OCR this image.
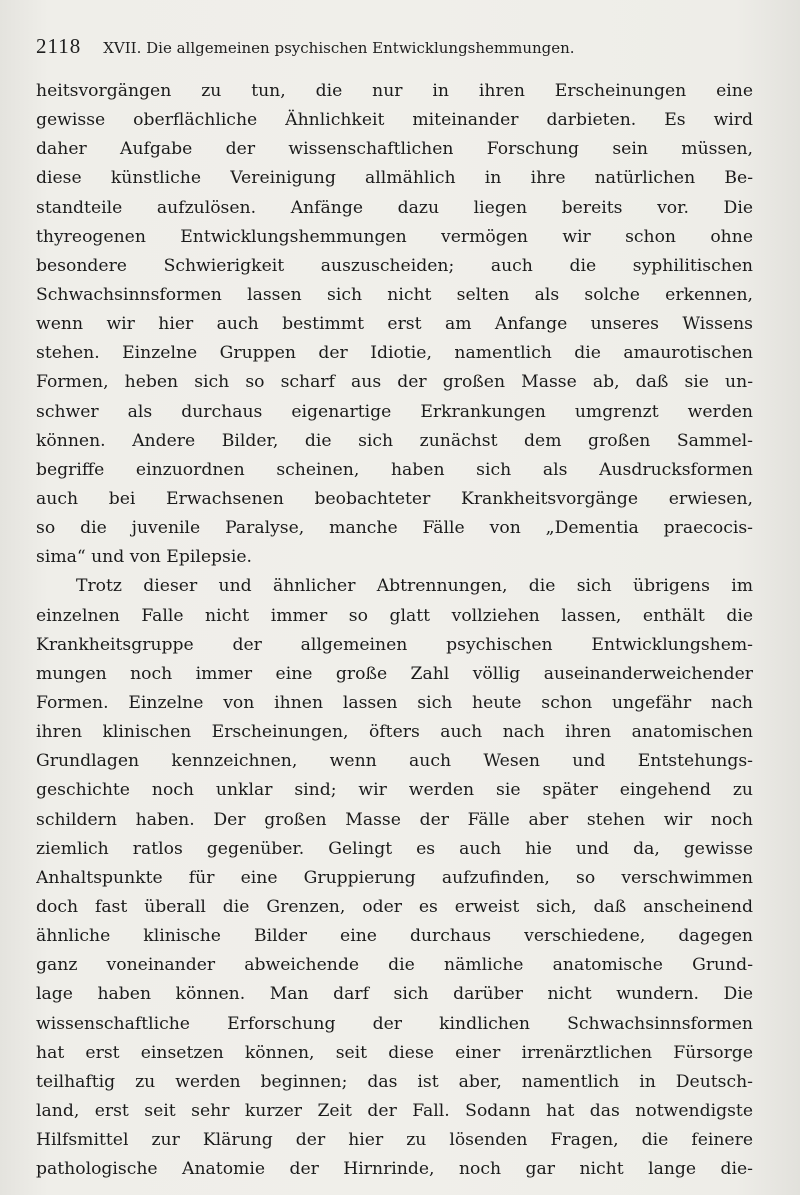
2118 XVII. Die allgemeinen psychischen Entwicklungshemmungen.
heitsvorgängen zu tun, die nur in ihren Erscheinungen eine
gewisse oberflächliche Ähnlichkeit miteinander darbieten. Es wird
daher Aufgabe der wissenschaftlichen Forschung sein müssen,
diese künstliche Vereinigung allmählich in ihre natürlichen Be-
standteile aufzulösen. Anfänge dazu liegen bereits vor. Die
thyreogenen Entwicklungshemmungen vermögen wir schon ohne
besondere Schwierigkeit auszuscheiden; auch die syphilitischen
Schwachsinnsformen lassen sich nicht selten als solche erkennen,
wenn wir hier auch bestimmt erst am Anfange unseres Wissens
stehen. Einzelne Gruppen der Idiotie, namentlich die amaurotischen
Formen, heben sich so scharf aus der großen Masse ab, daß sie un-
schwer als durchaus eigenartige Erkrankungen umgrenzt werden
können. Andere Bilder, die sich zunächst dem großen Sammel-
begriffe einzuordnen scheinen, haben sich als Ausdrucksformen
auch bei Erwachsenen beobachteter Krankheitsvorgänge erwiesen,
so die juvenile Paralyse, manche Fälle von „Dementia praecocis-
sima“ und von Epilepsie.
Trotz dieser und ähnlicher Abtrennungen, die sich übrigens im
einzelnen Falle nicht immer so glatt vollziehen lassen, enthält die
Krankheitsgruppe der allgemeinen psychischen Entwicklungshem-
mungen noch immer eine große Zahl völlig auseinanderweichender
Formen. Einzelne von ihnen lassen sich heute schon ungefähr nach
ihren klinischen Erscheinungen, öfters auch nach ihren anatomischen
Grundlagen kennzeichnen, wenn auch Wesen und Entstehungs-
geschichte noch unklar sind; wir werden sie später eingehend zu
schildern haben. Der großen Masse der Fälle aber stehen wir noch
ziemlich ratlos gegenüber. Gelingt es auch hie und da, gewisse
Anhaltspunkte für eine Gruppierung aufzufinden, so verschwimmen
doch fast überall die Grenzen, oder es erweist sich, daß anscheinend
ähnliche klinische Bilder eine durchaus verschiedene, dagegen
ganz voneinander abweichende die nämliche anatomische Grund-
lage haben können. Man darf sich darüber nicht wundern. Die
wissenschaftliche Erforschung der kindlichen Schwachsinnsformen
hat erst einsetzen können, seit diese einer irrenärztlichen Fürsorge
teilhaftig zu werden beginnen; das ist aber, namentlich in Deutsch-
land, erst seit sehr kurzer Zeit der Fall. Sodann hat das notwendigste
Hilfsmittel zur Klärung der hier zu lösenden Fragen, die feinere
pathologische Anatomie der Hirnrinde, noch gar nicht lange die-
